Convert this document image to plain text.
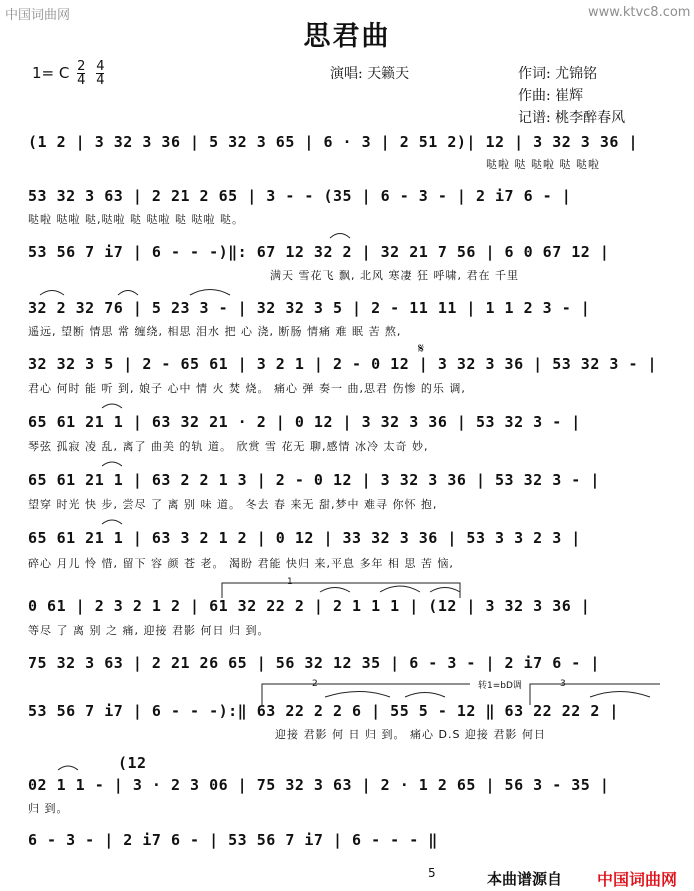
中国词曲网	www.ktvc8.com
思君曲
1= C $\frac{2}{4}$
$\frac{4}{4}$	演唱: 天籁天	作词: 尤锦铭
作曲: 崔辉
记谱: 桃李醉春风
(1 2 | 3 32 3 36 | 5 32 3 65 | 6 · 3 | 2 51 2)| 12 | 3 32 3 36 |
哒啦 哒 哒啦 哒 哒啦
53 32 3 63 | 2 21 2 65 | 3 - - (35 | 6 - 3 - | 2 i7 6 - |
哒啦 哒啦 哒,哒啦 哒 哒啦 哒 哒啦 哒。
53 56 7 i7 | 6 - - -)‖: 67 12 32 2 | 32 21 7 56 | 6 0 67 12 |
满天 雪花飞 飘, 北风 寒凄 狂 呼啸, 君在 千里
32 2 32 76 | 5 23 3 - | 32 32 3 5 | 2 - 11 11 | 1 1 2 3 - |
遥远, 望断 情思 常 缠绕, 相思 泪水 把 心 浇, 断肠 情痛 难 眠 苦 熬,
32 32 3 5 | 2 - 65 61 | 3 2 1 | 2 - 0 12 | 3 32 3 36 | 53 32 3 - |
君心 何时 能 听 到, 娘子 心中 情 火 焚 烧。 痛心 弹 奏一 曲,思君 伤惨 的乐 调,
65 61 21 1 | 63 32 21 · 2 | 0 12 | 3 32 3 36 | 53 32 3 - |
琴弦 孤寂 凌 乱, 离了 曲美 的轨 道。 欣赏 雪 花无 聊,感情 冰冷 太奇 妙,
65 61 21 1 | 63 2 2 1 3 | 2 - 0 12 | 3 32 3 36 | 53 32 3 - |
望穿 时光 快 步, 尝尽 了 离 别 味 道。 冬去 春 来无 甜,梦中 难寻 你怀 抱,
65 61 21 1 | 63 3 2 1 2 | 0 12 | 33 32 3 36 | 53 3 3 2 3 |
碎心 月儿 怜 惜, 留下 容 颜 苍 老。 渴盼 君能 快归 来,平息 多年 相 思 苦 恼,
0 61 | 2 3 2 1 2 | 61 32 22 2 | 2 1 1 1 | (12 | 3 32 3 36 |
等尽 了 离 别 之 痛, 迎接 君影 何日 归 到。
75 32 3 63 | 2 21 26 65 | 56 32 12 35 | 6 - 3 - | 2 i7 6 - |
53 56 7 i7 | 6 - - -):‖ 63 22 2 2 6 | 55 5 - 12 ‖ 63 22 22 2 |
迎接 君影 何 日 归 到。 痛心 D.S 迎接 君影 何日
02 1 1 - | 3 · 2 3 06 | 75 32 3 63 | 2 · 1 2 65 | 56 3 - 35 |
归 到。
6 - 3 - | 2 i7 6 - | 53 56 7 i7 | 6 - - - ‖
(12
1
2	3
转1=bD调
𝄋
5	本曲谱源自 中国词曲网
